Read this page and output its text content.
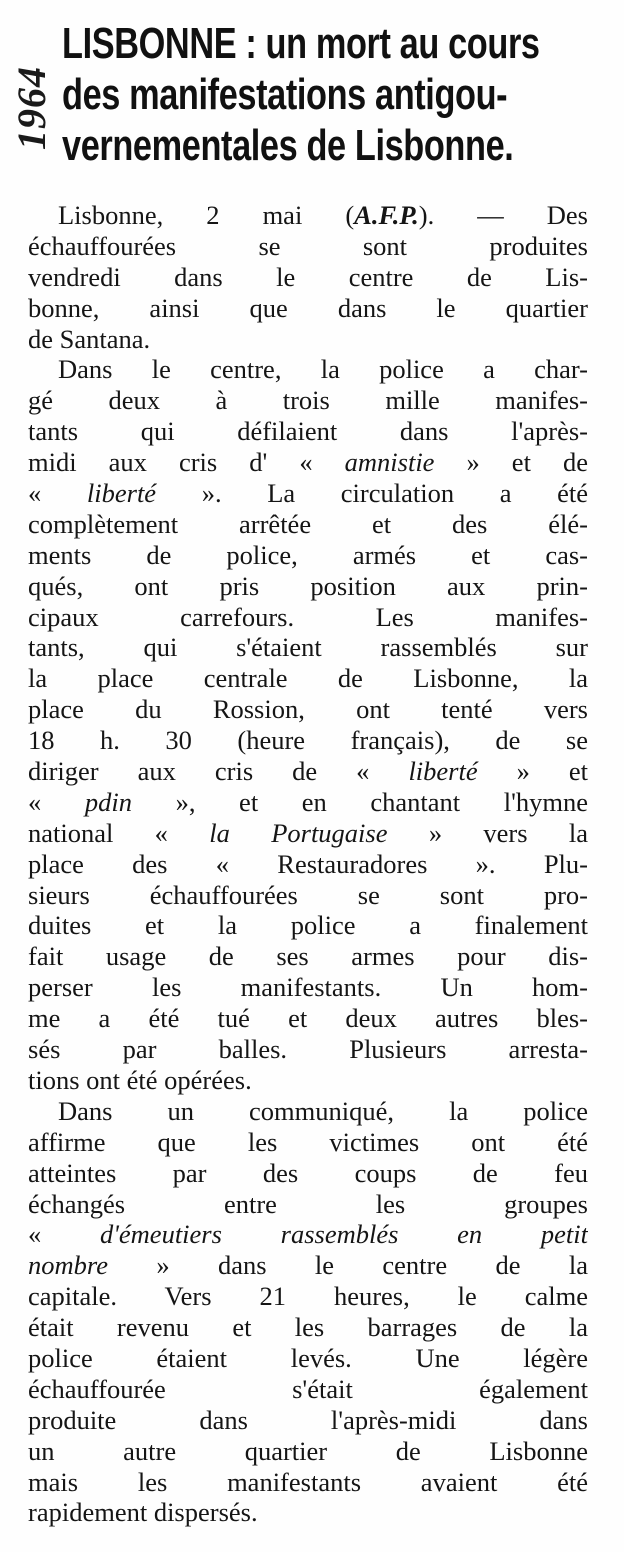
LISBONNE : un mort au cours
des manifestations antigou-
vernementales de Lisbonne.
1964
Lisbonne, 2 mai (A.F.P.). — Des
échauffourées se sont produites
vendredi dans le centre de Lis-
bonne, ainsi que dans le quartier
de Santana.
Dans le centre, la police a char-
gé deux à trois mille manifes-
tants qui défilaient dans l'après-
midi aux cris d' « amnistie » et de
« liberté ». La circulation a été
complètement arrêtée et des élé-
ments de police, armés et cas-
qués, ont pris position aux prin-
cipaux carrefours. Les manifes-
tants, qui s'étaient rassemblés sur
la place centrale de Lisbonne, la
place du Rossion, ont tenté vers
18 h. 30 (heure français), de se
diriger aux cris de « liberté » et
« pdin », et en chantant l'hymne
national « la Portugaise » vers la
place des « Restauradores ». Plu-
sieurs échauffourées se sont pro-
duites et la police a finalement
fait usage de ses armes pour dis-
perser les manifestants. Un hom-
me a été tué et deux autres bles-
sés par balles. Plusieurs arresta-
tions ont été opérées.
Dans un communiqué, la police
affirme que les victimes ont été
atteintes par des coups de feu
échangés entre les groupes
« d'émeutiers rassemblés en petit
nombre » dans le centre de la
capitale. Vers 21 heures, le calme
était revenu et les barrages de la
police étaient levés. Une légère
échauffourée s'était également
produite dans l'après-midi dans
un autre quartier de Lisbonne
mais les manifestants avaient été
rapidement dispersés.
